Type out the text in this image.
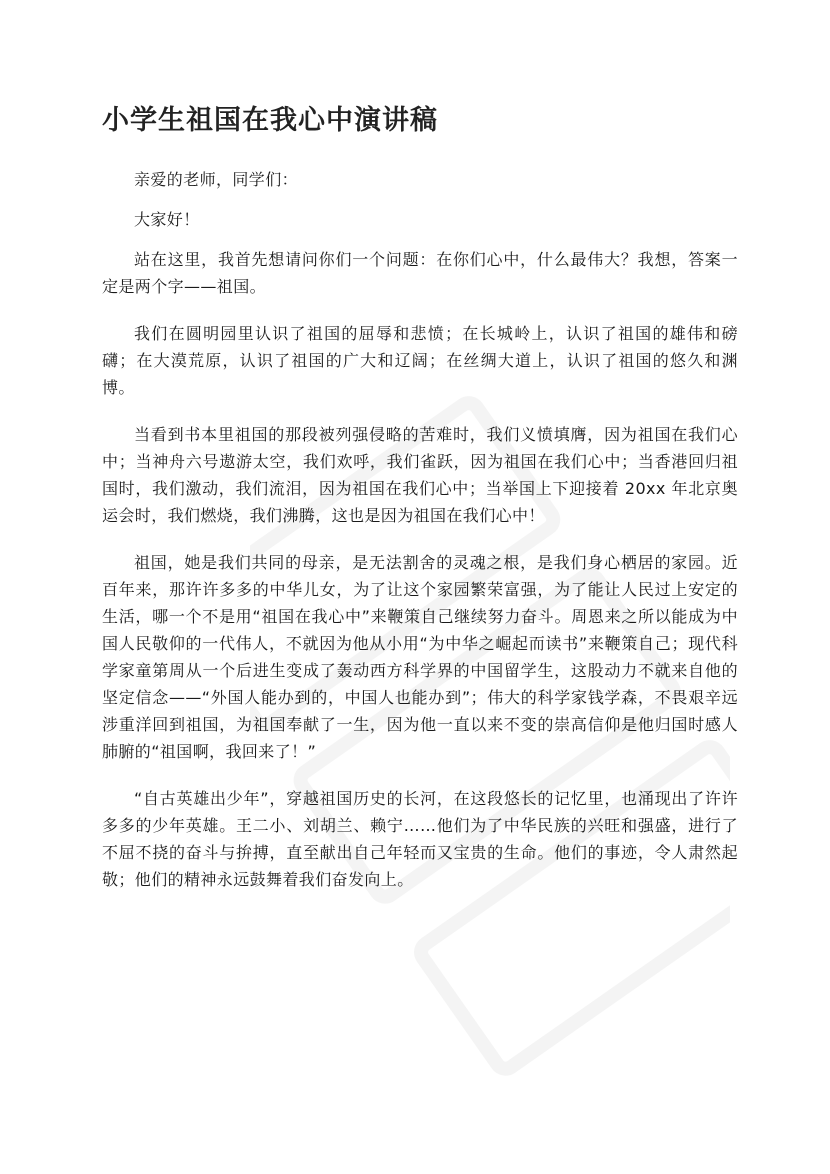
小学生祖国在我心中演讲稿

亲爱的老师，同学们：

大家好！

站在这里，我首先想请问你们一个问题：在你们心中，什么最伟大？我想，答案一定是两个字——祖国。

我们在圆明园里认识了祖国的屈辱和悲愤；在长城岭上，认识了祖国的雄伟和磅礴；在大漠荒原，认识了祖国的广大和辽阔；在丝绸大道上，认识了祖国的悠久和渊博。

当看到书本里祖国的那段被列强侵略的苦难时，我们义愤填膺，因为祖国在我们心中；当神舟六号遨游太空，我们欢呼，我们雀跃，因为祖国在我们心中；当香港回归祖国时，我们激动，我们流泪，因为祖国在我们心中；当举国上下迎接着 20xx 年北京奥运会时，我们燃烧，我们沸腾，这也是因为祖国在我们心中！

祖国，她是我们共同的母亲，是无法割舍的灵魂之根，是我们身心栖居的家园。近百年来，那许许多多的中华儿女，为了让这个家园繁荣富强，为了能让人民过上安定的生活，哪一个不是用“祖国在我心中”来鞭策自己继续努力奋斗。周恩来之所以能成为中国人民敬仰的一代伟人，不就因为他从小用“为中华之崛起而读书”来鞭策自己；现代科学家童第周从一个后进生变成了轰动西方科学界的中国留学生，这股动力不就来自他的坚定信念——“外国人能办到的，中国人也能办到”；伟大的科学家钱学森，不畏艰辛远涉重洋回到祖国，为祖国奉献了一生，因为他一直以来不变的崇高信仰是他归国时感人肺腑的“祖国啊，我回来了！”

“自古英雄出少年”，穿越祖国历史的长河，在这段悠长的记忆里，也涌现出了许许多多的少年英雄。王二小、刘胡兰、赖宁……他们为了中华民族的兴旺和强盛，进行了不屈不挠的奋斗与拚搏，直至献出自己年轻而又宝贵的生命。他们的事迹，令人肃然起敬；他们的精神永远鼓舞着我们奋发向上。
